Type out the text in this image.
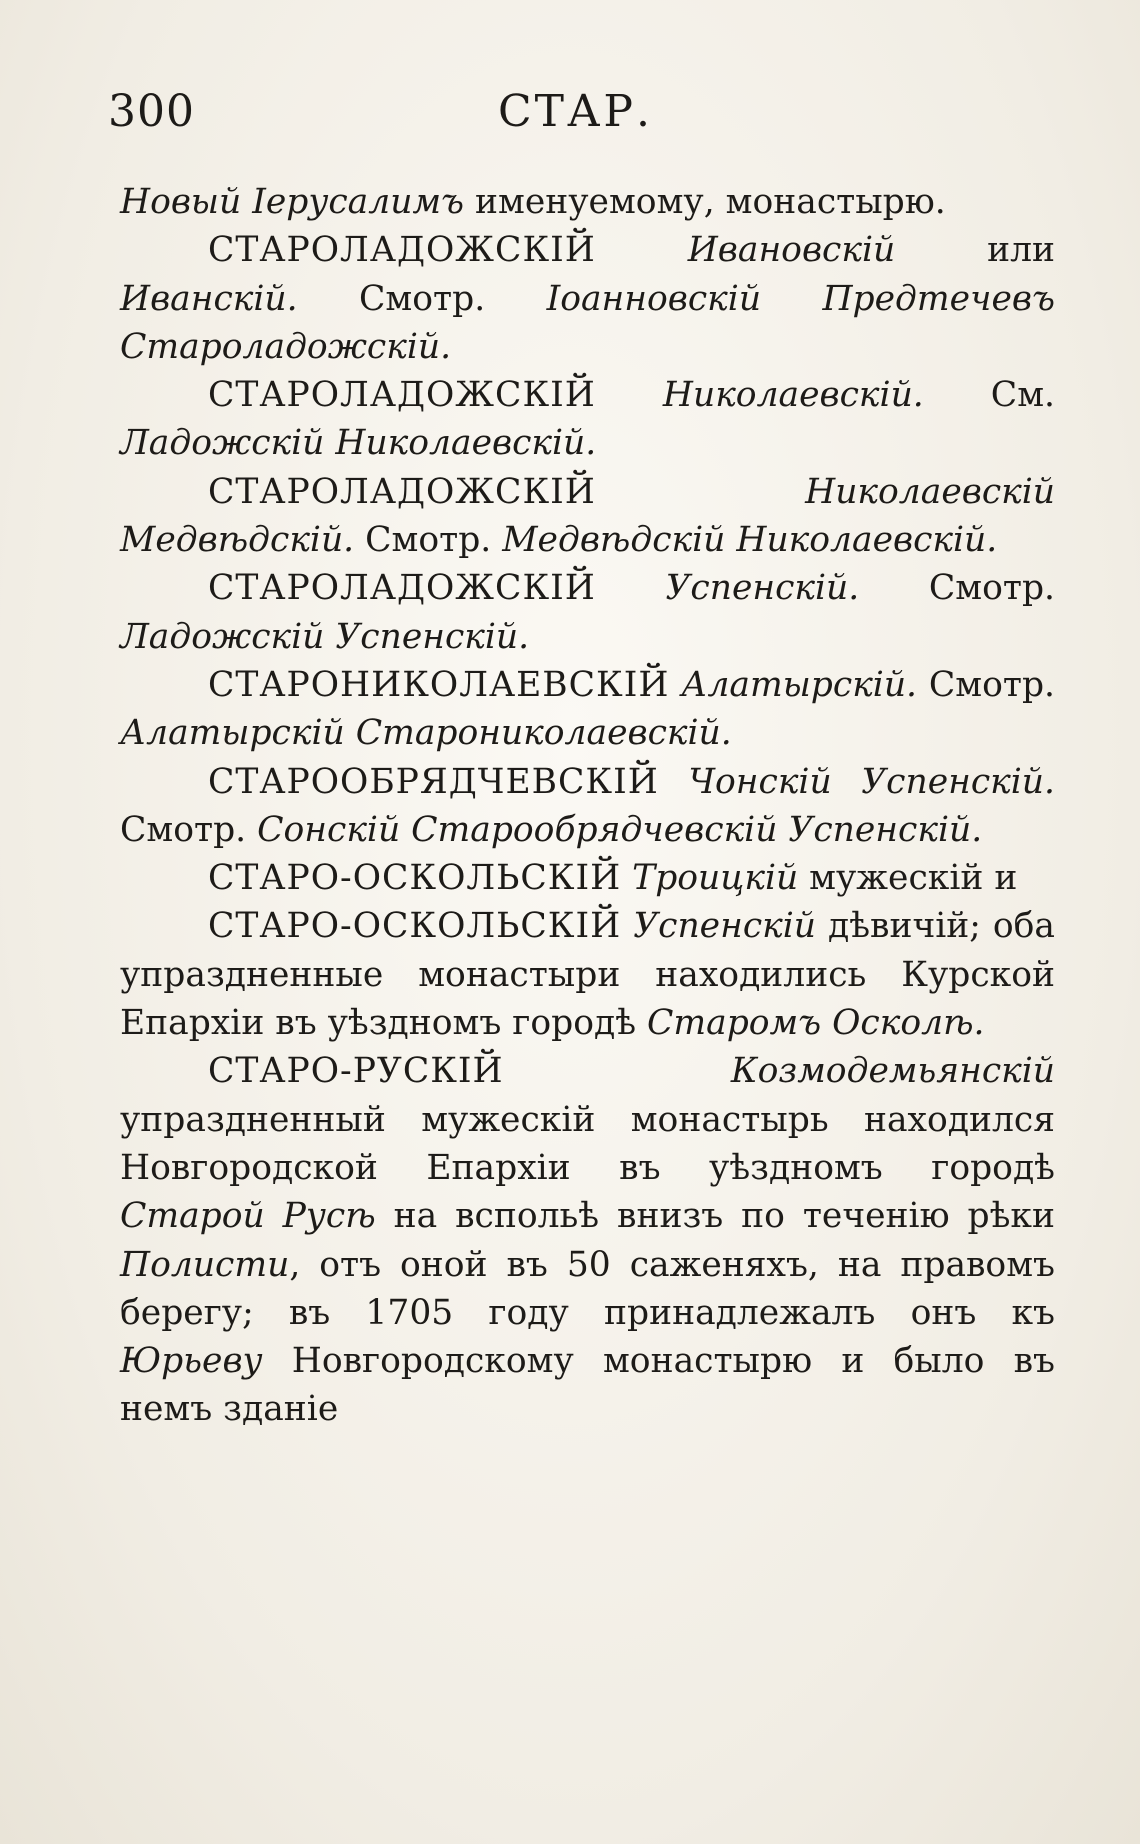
300	СТАР.

Новый Iерусалимъ именуемому, монастырю.

СТАРОЛАДОЖСКIЙ Ивановскiй или Иванскiй. Смотр. Iоанновскiй Предтечевъ Староладожскiй.

СТАРОЛАДОЖСКIЙ Николаевскiй. См. Ладожскiй Николаевскiй.

СТАРОЛАДОЖСКIЙ Николаевскiй Медвѣдскiй. Смотр. Медвѣдскiй Николаевскiй.

СТАРОЛАДОЖСКIЙ Успенскiй. Смотр. Ладожскiй Успенскiй.

СТАРОНИКОЛАЕВСКIЙ Алатырскiй. Смотр. Алатырскiй Старониколаевскiй.

СТАРООБРЯДЧЕВСКIЙ Чонскiй Успенскiй. Смотр. Сонскiй Старообрядчевскiй Успенскiй.

СТАРО-ОСКОЛЬСКIЙ Троицкiй мужескiй и

СТАРО-ОСКОЛЬСКIЙ Успенскiй дѣвичiй; оба упраздненные монастыри находились Курской Епархiи въ уѣздномъ городѣ Старомъ Осколѣ.

СТАРО-РУСКIЙ Козмодемьянскiй упраздненный мужескiй монастырь находился Новгородской Епархiи въ уѣздномъ городѣ Старой Русѣ на вспольѣ внизъ по теченiю рѣки Полисти, отъ оной въ 50 саженяхъ, на правомъ берегу; въ 1705 году принадлежалъ онъ къ Юрьеву Новгородскому монастырю и было въ немъ зданiе
